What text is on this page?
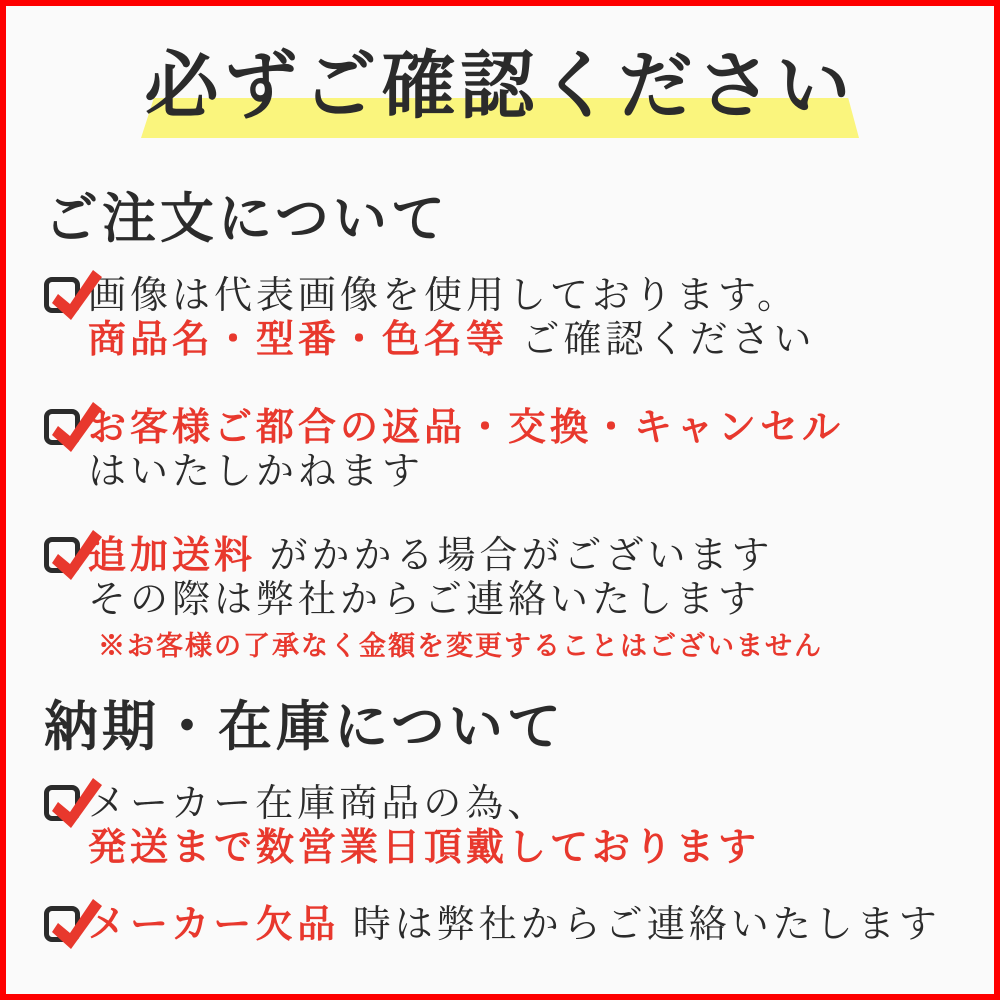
必ずご確認ください
ご注文について

画像は代表画像を使用しております。
商品名・型番・色名等 ご確認ください

お客様ご都合の返品・交換・キャンセル
はいたしかねます

追加送料 がかかる場合がございます
その際は弊社からご連絡いたします

※お客様の了承なく金額を変更することはございません

納期・在庫について

メーカー在庫商品の為、
発送まで数営業日頂戴しております

メーカー欠品 時は弊社からご連絡いたします
